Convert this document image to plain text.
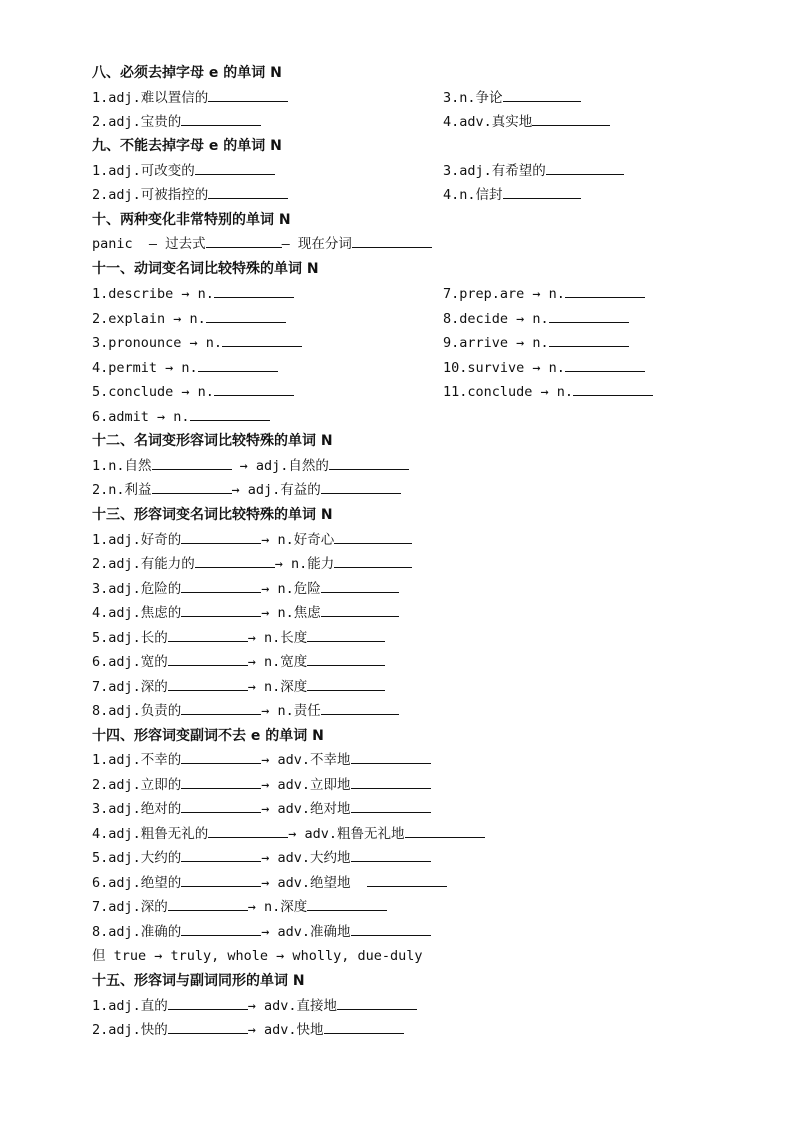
八、必须去掉字母 e 的单词 N
1.adj.难以置信的	3.n.争论
2.adj.宝贵的	4.adv.真实地
九、不能去掉字母 e 的单词 N
1.adj.可改变的	3.adj.有希望的
2.adj.可被指控的	4.n.信封
十、两种变化非常特别的单词 N
panic  — 过去式	— 现在分词
十一、动词变名词比较特殊的单词 N
1.describe → n.	7.prep.are → n.
2.explain → n.	8.decide → n.
3.pronounce → n.	9.arrive → n.
4.permit → n.	10.survive → n.
5.conclude → n.	11.conclude → n.
6.admit → n.
十二、名词变形容词比较特殊的单词 N
1.n.自然	→ adj.自然的
2.n.利益	→ adj.有益的
十三、形容词变名词比较特殊的单词 N
1.adj.好奇的	→ n.好奇心
2.adj.有能力的	→ n.能力
3.adj.危险的	→ n.危险
4.adj.焦虑的	→ n.焦虑
5.adj.长的	→ n.长度
6.adj.宽的	→ n.宽度
7.adj.深的	→ n.深度
8.adj.负责的	→ n.责任
十四、形容词变副词不去 e 的单词 N
1.adj.不幸的	→ adv.不幸地
2.adj.立即的	→ adv.立即地
3.adj.绝对的	→ adv.绝对地
4.adj.粗鲁无礼的	→ adv.粗鲁无礼地
5.adj.大约的	→ adv.大约地
6.adj.绝望的	→ adv.绝望地
7.adj.深的	→ n.深度
8.adj.准确的	→ adv.准确地
但 true → truly, whole → wholly, due-duly
十五、形容词与副词同形的单词 N
1.adj.直的	→ adv.直接地
2.adj.快的	→ adv.快地
